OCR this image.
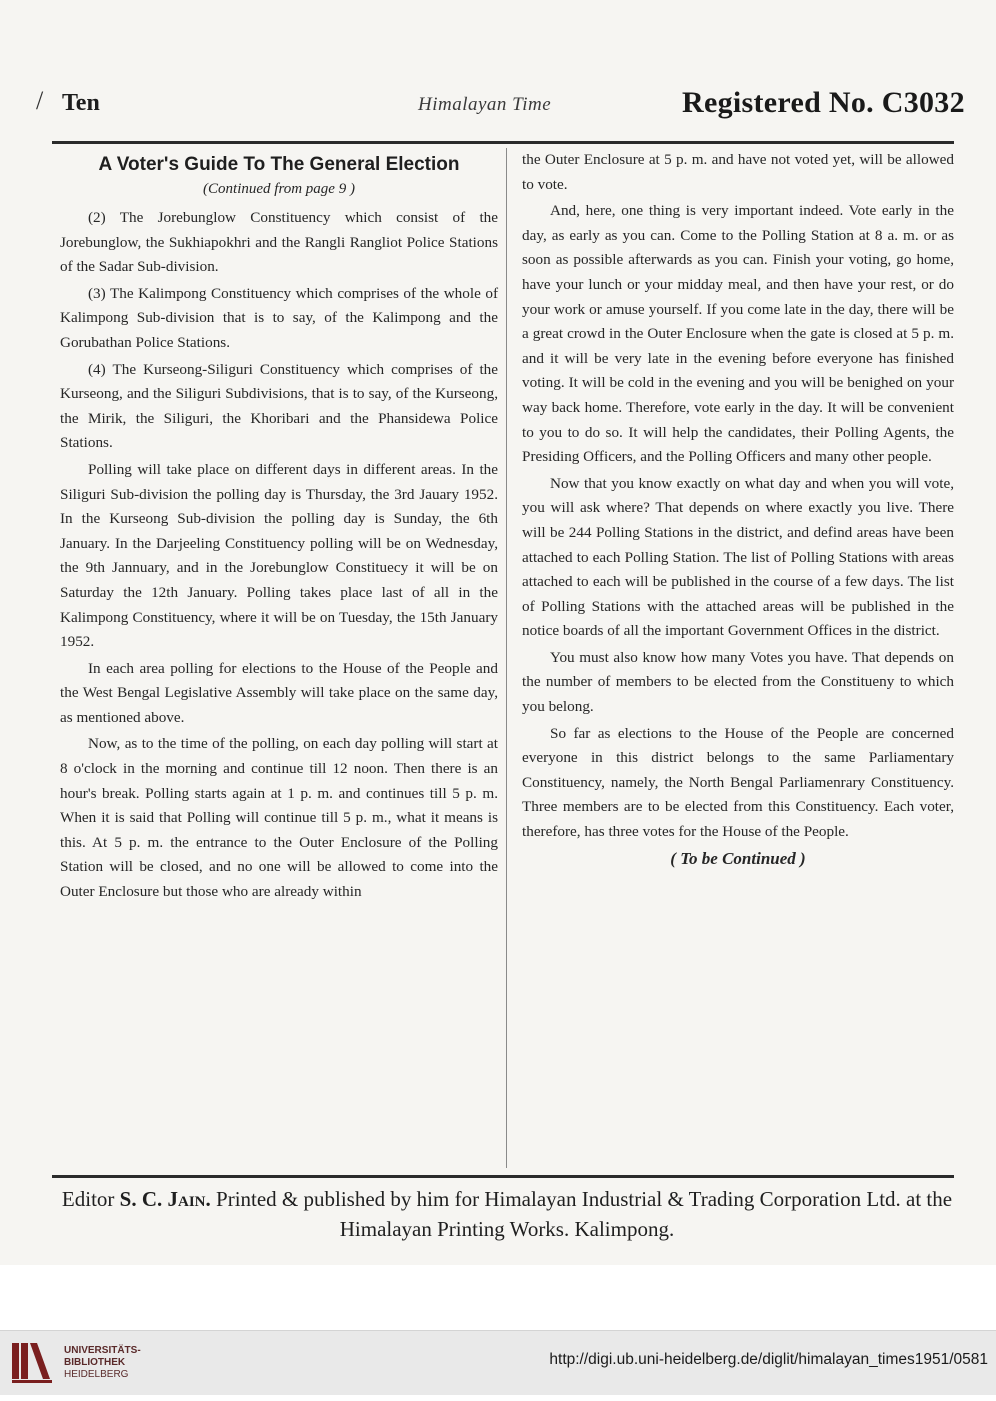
/ Ten	Himalayan Time	Registered No. C3032
A Voter's Guide To The General Election
(Continued from page 9 )

(2) The Jorebunglow Constituency which consist of the Jorebunglow, the Sukhiapokhri and the Rangli Rangliot Police Stations of the Sadar Sub-division.

(3) The Kalimpong Constituency which comprises of the whole of Kalimpong Sub-division that is to say, of the Kalimpong and the Gorubathan Police Stations.

(4) The Kurseong-Siliguri Constituency which comprises of the Kurseong, and the Siliguri Subdivisions, that is to say, of the Kurseong, the Mirik, the Siliguri, the Khoribari and the Phansidewa Police Stations.

Polling will take place on different days in different areas. In the Siliguri Sub-division the polling day is Thursday, the 3rd Jauary 1952. In the Kurseong Sub-division the polling day is Sunday, the 6th January. In the Darjeeling Constituency polling will be on Wednesday, the 9th Jannuary, and in the Jorebunglow Constituecy it will be on Saturday the 12th January. Polling takes place last of all in the Kalimpong Constituency, where it will be on Tuesday, the 15th January 1952.

In each area polling for elections to the House of the People and the West Bengal Legislative Assembly will take place on the same day, as mentioned above.

Now, as to the time of the polling, on each day polling will start at 8 o'clock in the morning and continue till 12 noon. Then there is an hour's break. Polling starts again at 1 p. m. and continues till 5 p. m. When it is said that Polling will continue till 5 p. m., what it means is this. At 5 p. m. the entrance to the Outer Enclosure of the Polling Station will be closed, and no one will be allowed to come into the Outer Enclosure but those who are already within

the Outer Enclosure at 5 p. m. and have not voted yet, will be allowed to vote.

And, here, one thing is very important indeed. Vote early in the day, as early as you can. Come to the Polling Station at 8 a. m. or as soon as possible afterwards as you can. Finish your voting, go home, have your lunch or your midday meal, and then have your rest, or do your work or amuse yourself. If you come late in the day, there will be a great crowd in the Outer Enclosure when the gate is closed at 5 p. m. and it will be very late in the evening before everyone has finished voting. It will be cold in the evening and you will be benighed on your way back home. Therefore, vote early in the day. It will be convenient to you to do so. It will help the candidates, their Polling Agents, the Presiding Officers, and the Polling Officers and many other people.

Now that you know exactly on what day and when you will vote, you will ask where? That depends on where exactly you live. There will be 244 Polling Stations in the district, and defind areas have been attached to each Polling Station. The list of Polling Stations with areas attached to each will be published in the course of a few days. The list of Polling Stations with the attached areas will be published in the notice boards of all the important Government Offices in the district.

You must also know how many Votes you have. That depends on the number of members to be elected from the Constitueny to which you belong.

So far as elections to the House of the People are concerned everyone in this district belongs to the same Parliamentary Constituency, namely, the North Bengal Parliamenrary Constituency. Three members are to be elected from this Constituency. Each voter, therefore, has three votes for the House of the People.

( To be Continued )
Editor S. C. Jain. Printed & published by him for Himalayan Industrial & Trading Corporation Ltd. at the Himalayan Printing Works. Kalimpong.
UNIVERSITÄTS-
BIBLIOTHEK
HEIDELBERG
http://digi.ub.uni-heidelberg.de/diglit/himalayan_times1951/0581
